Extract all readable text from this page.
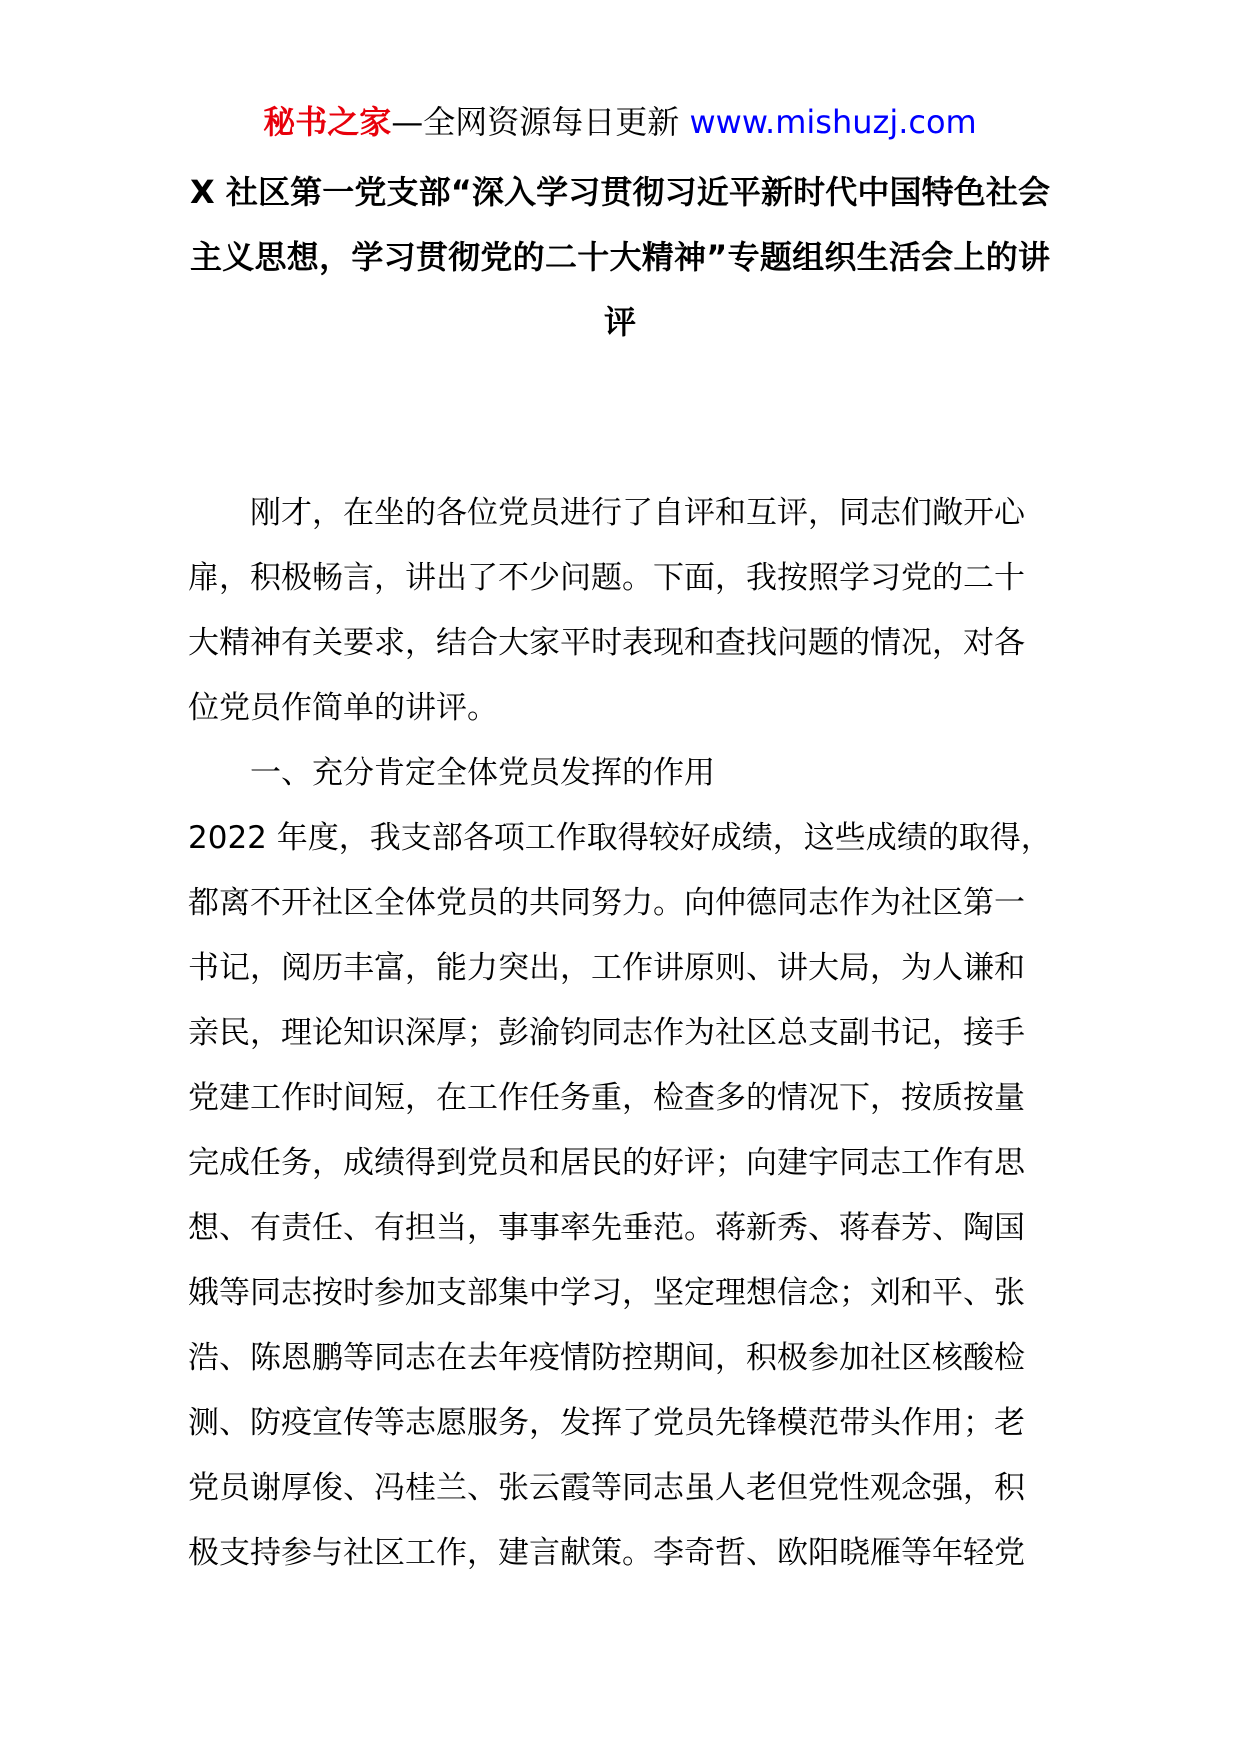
秘书之家—全网资源每日更新 www.mishuzj.com
X 社区第一党支部“深入学习贯彻习近平新时代中国特色社会
主义思想，学习贯彻党的二十大精神”专题组织生活会上的讲
评
　　刚才，在坐的各位党员进行了自评和互评，同志们敞开心
扉，积极畅言，讲出了不少问题。下面，我按照学习党的二十
大精神有关要求，结合大家平时表现和查找问题的情况，对各
位党员作简单的讲评。
　　一、充分肯定全体党员发挥的作用
2022 年度，我支部各项工作取得较好成绩，这些成绩的取得，
都离不开社区全体党员的共同努力。向仲德同志作为社区第一
书记，阅历丰富，能力突出，工作讲原则、讲大局，为人谦和
亲民，理论知识深厚；彭渝钧同志作为社区总支副书记，接手
党建工作时间短，在工作任务重，检查多的情况下，按质按量
完成任务，成绩得到党员和居民的好评；向建宇同志工作有思
想、有责任、有担当，事事率先垂范。蒋新秀、蒋春芳、陶国
娥等同志按时参加支部集中学习，坚定理想信念；刘和平、张
浩、陈恩鹏等同志在去年疫情防控期间，积极参加社区核酸检
测、防疫宣传等志愿服务，发挥了党员先锋模范带头作用；老
党员谢厚俊、冯桂兰、张云霞等同志虽人老但党性观念强，积
极支持参与社区工作，建言献策。李奇哲、欧阳晓雁等年轻党
